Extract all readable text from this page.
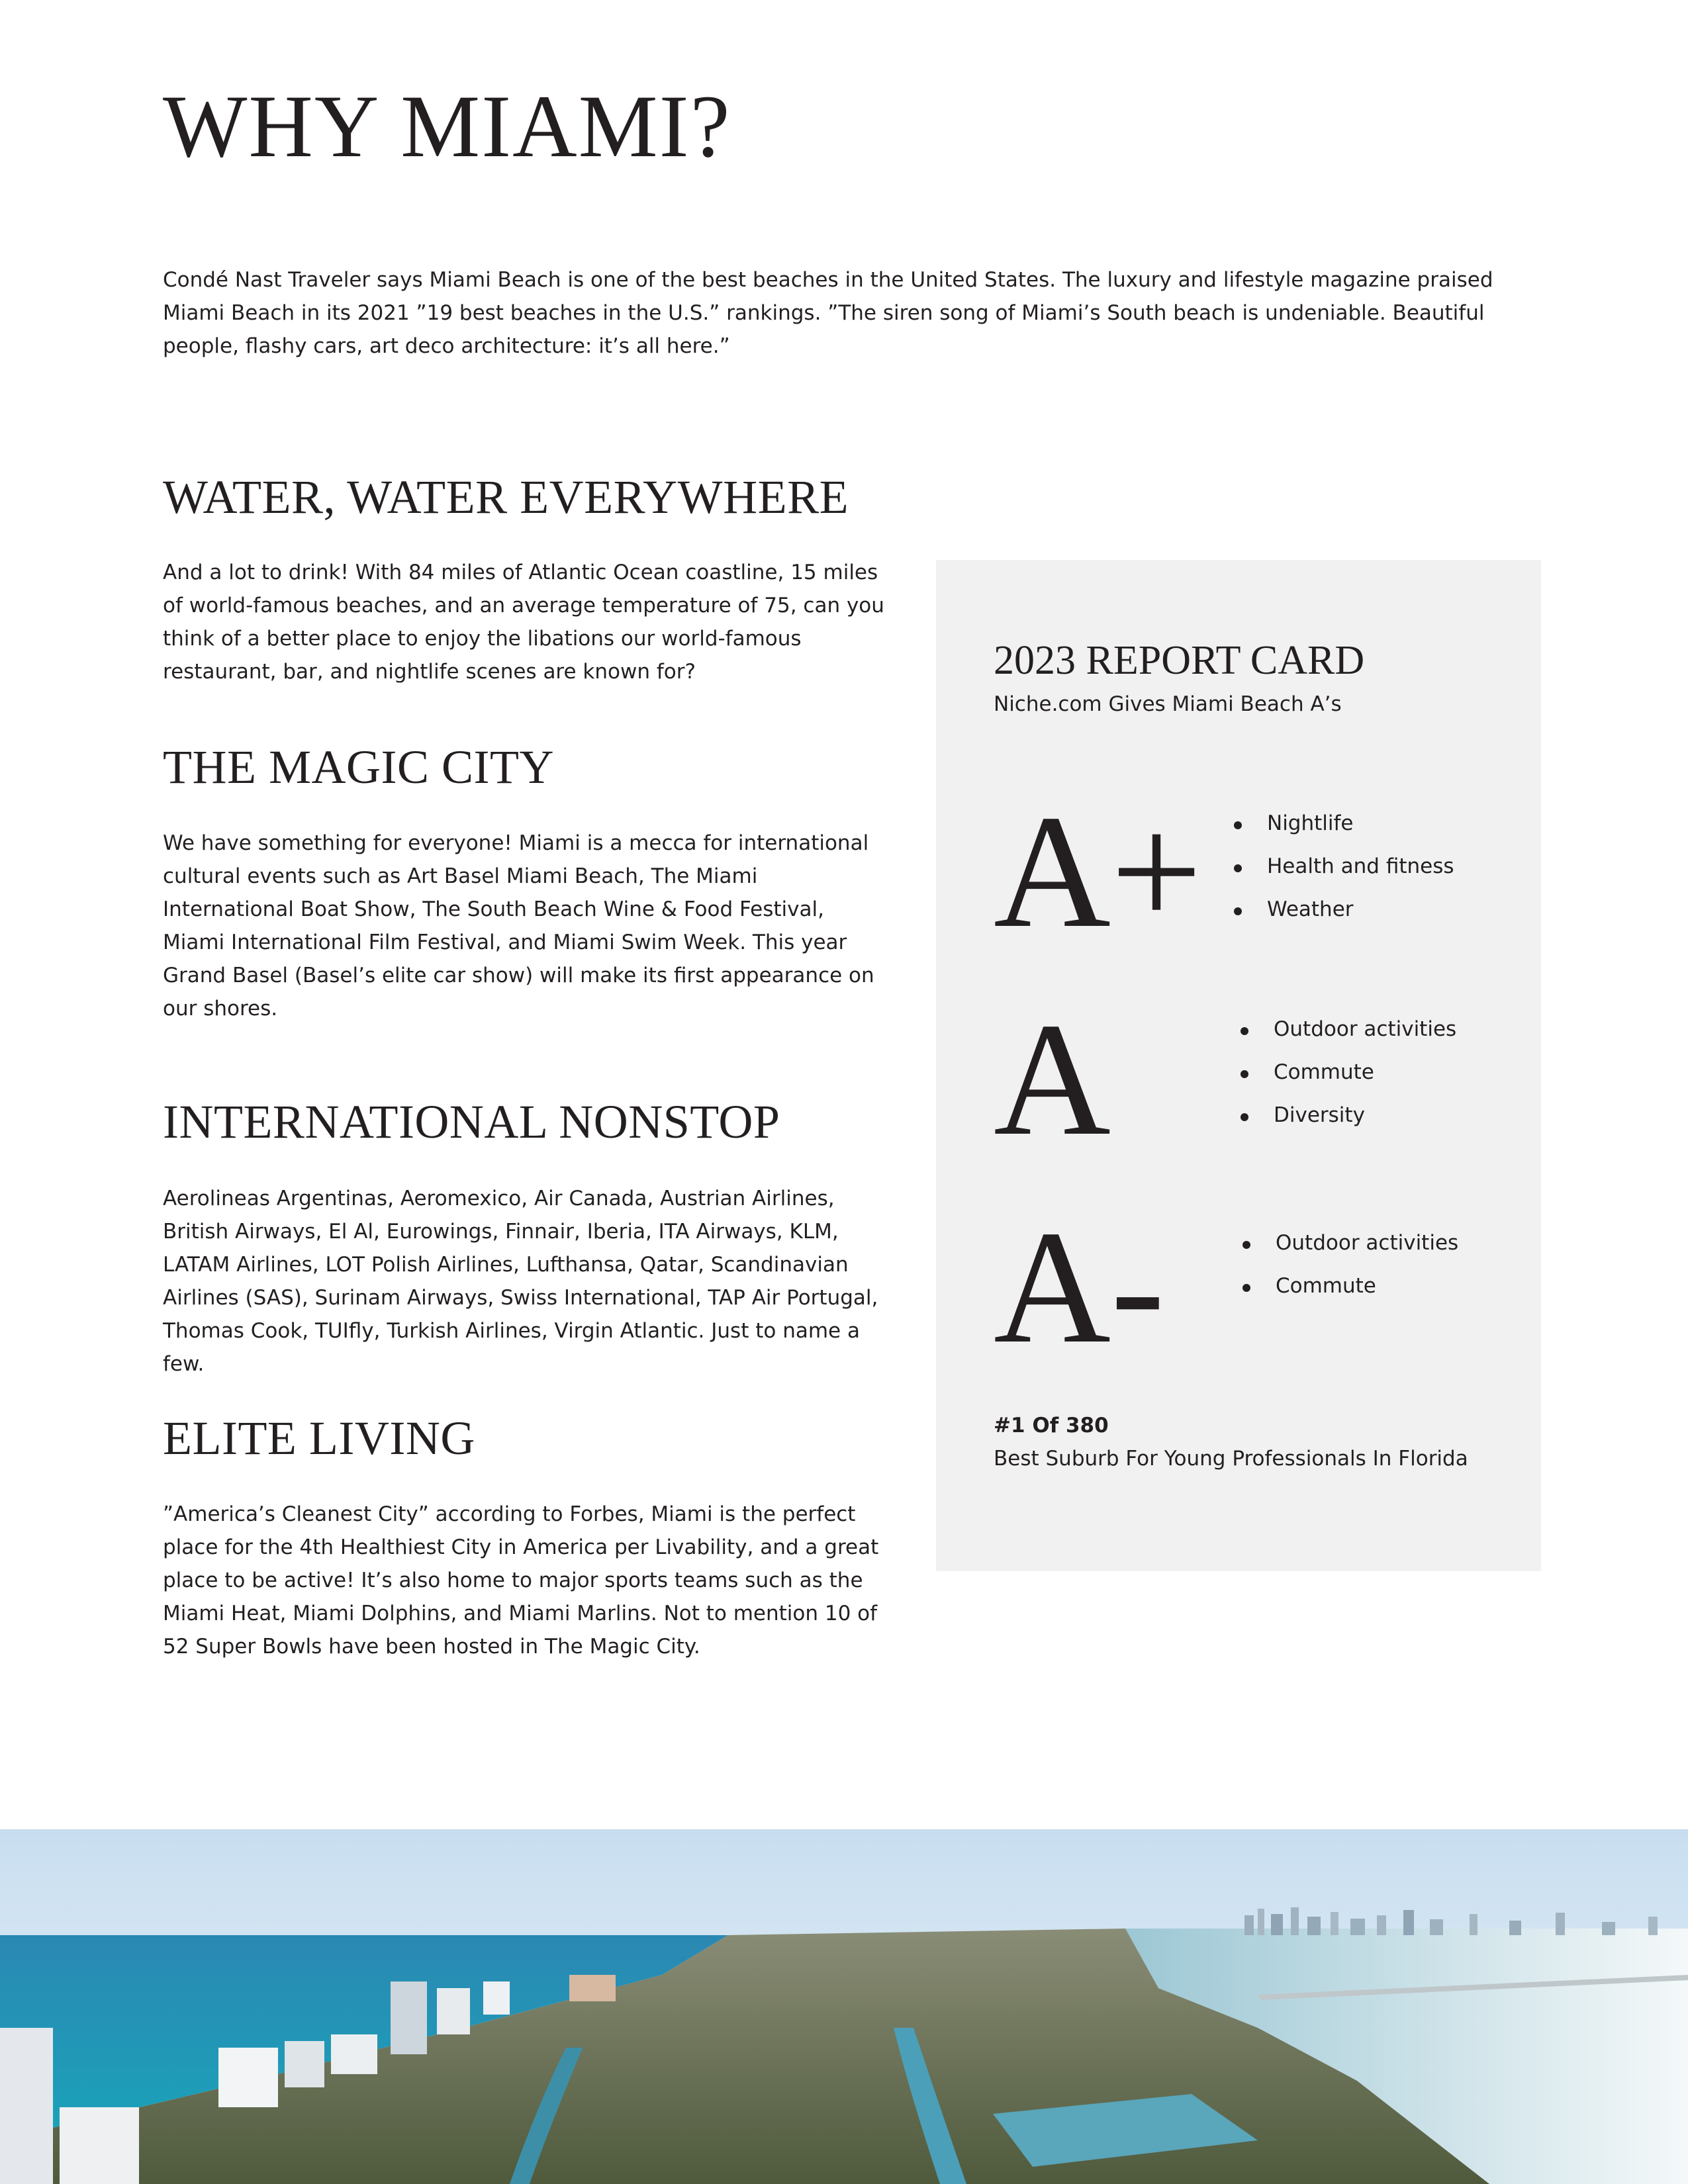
WHY MIAMI?

Condé Nast Traveler says Miami Beach is one of the best beaches in the United States. The luxury and lifestyle magazine praised Miami Beach in its 2021 ”19 best beaches in the U.S.” rankings. ”The siren song of Miami’s South beach is undeniable. Beautiful people, flashy cars, art deco architecture: it’s all here.”

WATER, WATER EVERYWHERE

And a lot to drink! With 84 miles of Atlantic Ocean coastline, 15 miles of world-famous beaches, and an average temperature of 75, can you think of a better place to enjoy the libations our world-famous restaurant, bar, and nightlife scenes are known for?

THE MAGIC CITY

We have something for everyone! Miami is a mecca for international cultural events such as Art Basel Miami Beach, The Miami International Boat Show, The South Beach Wine & Food Festival, Miami International Film Festival, and Miami Swim Week. This year Grand Basel (Basel’s elite car show) will make its first appearance on our shores.

INTERNATIONAL NONSTOP

Aerolineas Argentinas, Aeromexico, Air Canada, Austrian Airlines, British Airways, El Al, Eurowings, Finnair, Iberia, ITA Airways, KLM, LATAM Airlines, LOT Polish Airlines, Lufthansa, Qatar, Scandinavian Airlines (SAS), Surinam Airways, Swiss International, TAP Air Portugal, Thomas Cook, TUIfly, Turkish Airlines, Virgin Atlantic. Just to name a few.

ELITE LIVING

”America’s Cleanest City” according to Forbes, Miami is the perfect place for the 4th Healthiest City in America per Livability, and a great place to be active! It’s also home to major sports teams such as the Miami Heat, Miami Dolphins, and Miami Marlins. Not to mention 10 of 52 Super Bowls have been hosted in The Magic City.

2023 REPORT CARD

Niche.com Gives Miami Beach A’s

A+	Nightlife
Health and fitness
Weather
A	Outdoor activities
Commute
Diversity
A-	Outdoor activities
Commute

#1 Of 380

Best Suburb For Young Professionals In Florida
